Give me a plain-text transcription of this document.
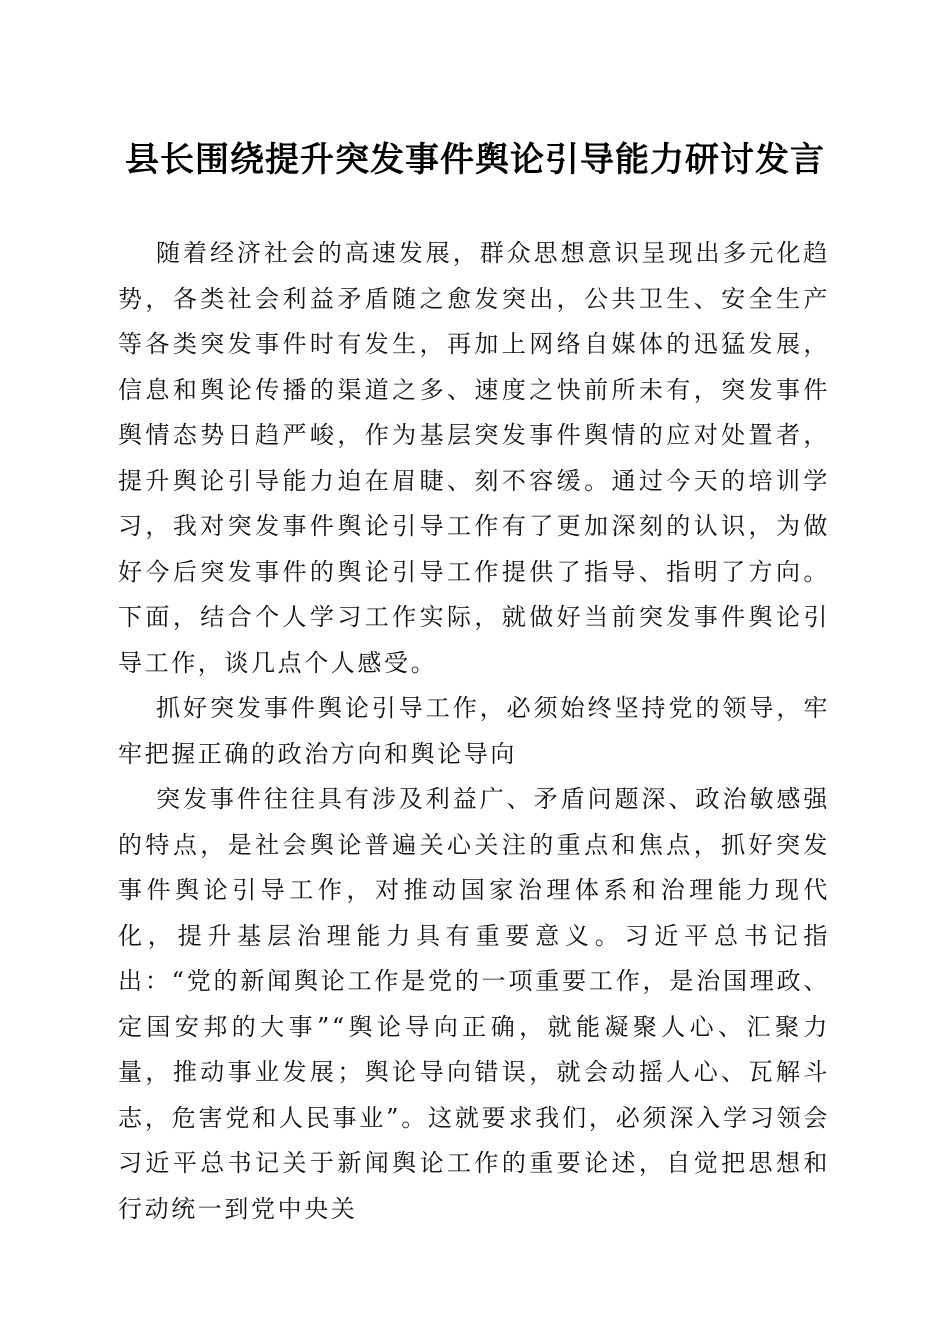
县长围绕提升突发事件舆论引导能力研讨发言

随着经济社会的高速发展，群众思想意识呈现出多元化趋势，各类社会利益矛盾随之愈发突出，公共卫生、安全生产等各类突发事件时有发生，再加上网络自媒体的迅猛发展，信息和舆论传播的渠道之多、速度之快前所未有，突发事件舆情态势日趋严峻，作为基层突发事件舆情的应对处置者，提升舆论引导能力迫在眉睫、刻不容缓。通过今天的培训学习，我对突发事件舆论引导工作有了更加深刻的认识，为做好今后突发事件的舆论引导工作提供了指导、指明了方向。下面，结合个人学习工作实际，就做好当前突发事件舆论引导工作，谈几点个人感受。

抓好突发事件舆论引导工作，必须始终坚持党的领导，牢牢把握正确的政治方向和舆论导向

突发事件往往具有涉及利益广、矛盾问题深、政治敏感强的特点，是社会舆论普遍关心关注的重点和焦点，抓好突发事件舆论引导工作，对推动国家治理体系和治理能力现代化，提升基层治理能力具有重要意义。习近平总书记指出：“党的新闻舆论工作是党的一项重要工作，是治国理政、定国安邦的大事”“舆论导向正确，就能凝聚人心、汇聚力量，推动事业发展；舆论导向错误，就会动摇人心、瓦解斗志，危害党和人民事业”。这就要求我们，必须深入学习领会习近平总书记关于新闻舆论工作的重要论述，自觉把思想和行动统一到党中央关
